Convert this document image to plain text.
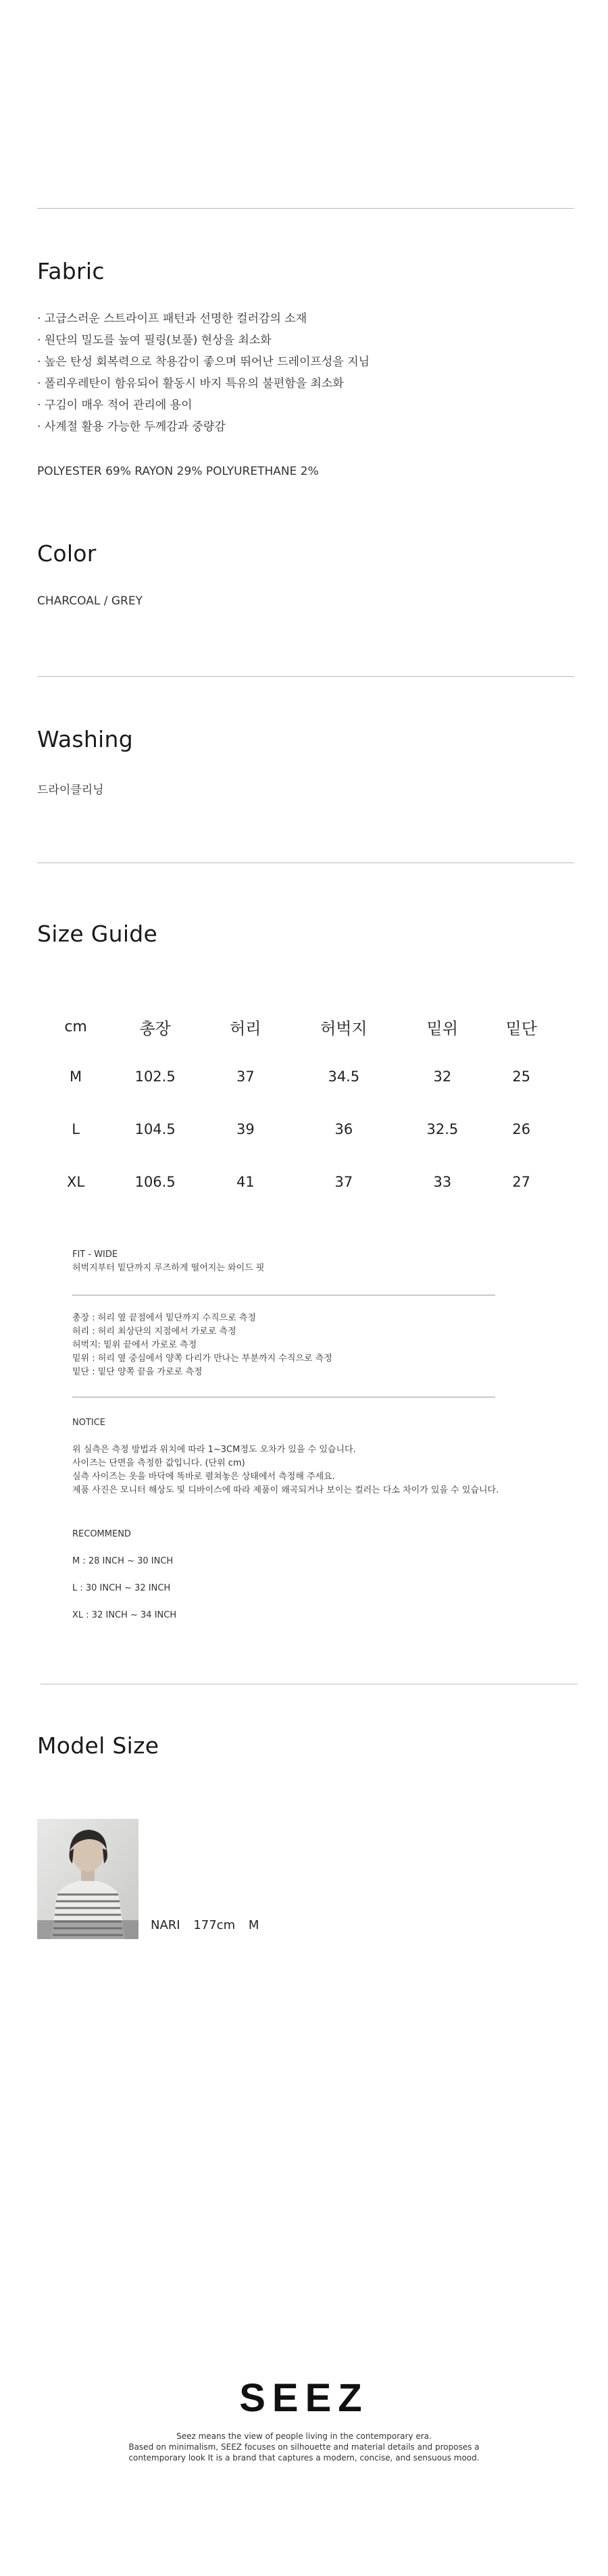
Fabric
· 고급스러운 스트라이프 패턴과 선명한 컬러감의 소재
· 원단의 밀도를 높여 필링(보풀) 현상을 최소화
· 높은 탄성 회복력으로 착용감이 좋으며 뛰어난 드레이프성을 지님
· 폴리우레탄이 함유되어 활동시 바지 특유의 불편함을 최소화
· 구김이 매우 적어 관리에 용이
· 사계절 활용 가능한 두께감과 중량감

POLYESTER 69% RAYON 29% POLYURETHANE 2%

Color

CHARCOAL / GREY

Washing

드라이클리닝

Size Guide
cm	총장	허리	허벅지	밑위	밑단
M	102.5	37	34.5	32	25
L	104.5	39	36	32.5	26
XL	106.5	41	37	33	27
FIT - WIDE
허벅지부터 밑단까지 루즈하게 떨어지는 와이드 핏
총장 : 허리 옆 끝점에서 밑단까지 수직으로 측정
허리 : 허리 최상단의 지점에서 가로로 측정
허벅지: 밑위 끝에서 가로로 측정
밑위 : 허리 옆 중심에서 양쪽 다리가 만나는 부분까지 수직으로 측정
밑단 : 밑단 양쪽 끝을 가로로 측정
NOTICE
위 실측은 측정 방법과 위치에 따라 1~3CM정도 오차가 있을 수 있습니다.
사이즈는 단면을 측정한 값입니다. (단위 cm)
실측 사이즈는 옷을 바닥에 똑바로 펼쳐놓은 상태에서 측정해 주세요.
제품 사진은 모니터 해상도 및 디바이스에 따라 제품이 왜곡되거나 보이는 컬러는 다소 차이가 있을 수 있습니다.
RECOMMEND
M : 28 INCH ~ 30 INCH
L : 30 INCH ~ 32 INCH
XL : 32 INCH ~ 34 INCH
Model Size
NARI 177cm M
SEEZ
Seez means the view of people living in the contemporary era.
Based on minimalism, SEEZ focuses on silhouette and material details and proposes a
contemporary look It is a brand that captures a modern, concise, and sensuous mood.
